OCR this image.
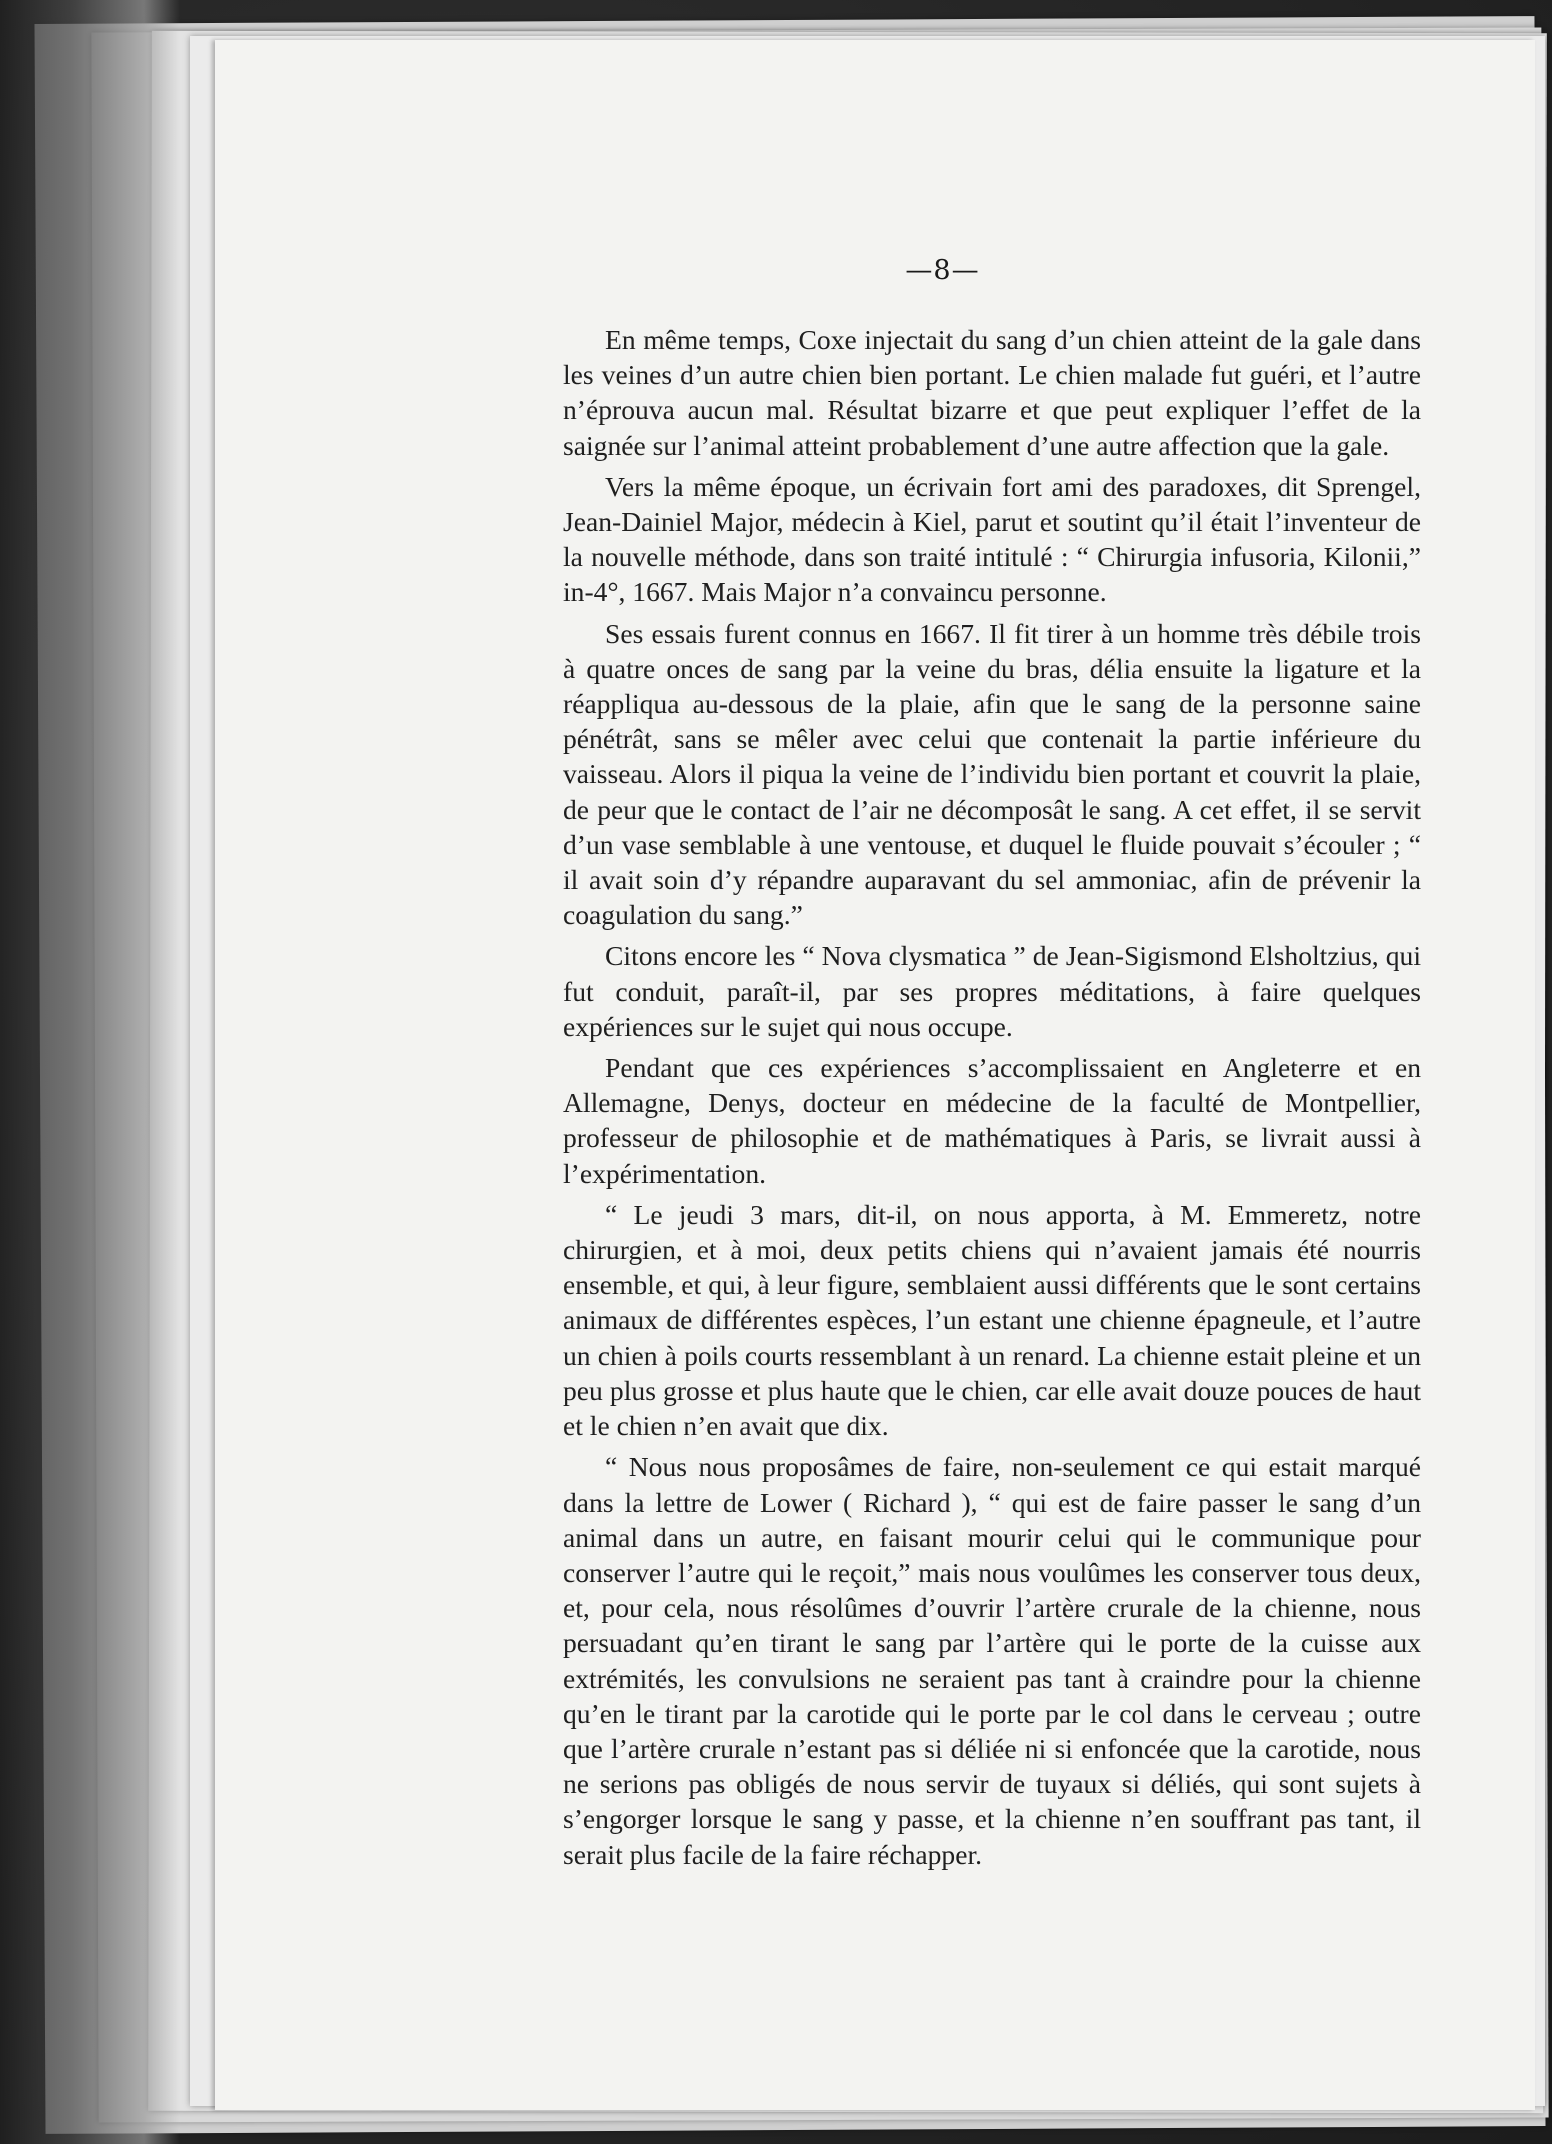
—8—

En même temps, Coxe injectait du sang d’un chien atteint de la gale dans les veines d’un autre chien bien portant. Le chien malade fut guéri, et l’autre n’éprouva aucun mal. Résultat bizarre et que peut expliquer l’effet de la saignée sur l’animal atteint probablement d’une autre affection que la gale.

Vers la même époque, un écrivain fort ami des paradoxes, dit Sprengel, Jean-Dainiel Major, médecin à Kiel, parut et soutint qu’il était l’inventeur de la nouvelle méthode, dans son traité intitulé : “ Chirurgia infusoria, Kilonii,” in-4°, 1667. Mais Major n’a convaincu personne.

Ses essais furent connus en 1667. Il fit tirer à un homme très débile trois à quatre onces de sang par la veine du bras, délia ensuite la ligature et la réappliqua au-dessous de la plaie, afin que le sang de la personne saine pénétrât, sans se mêler avec celui que contenait la partie inférieure du vaisseau. Alors il piqua la veine de l’individu bien portant et couvrit la plaie, de peur que le contact de l’air ne décomposât le sang. A cet effet, il se servit d’un vase semblable à une ventouse, et duquel le fluide pouvait s’écouler ; “ il avait soin d’y répandre auparavant du sel ammoniac, afin de prévenir la coagulation du sang.”

Citons encore les “ Nova clysmatica ” de Jean-Sigismond Elsholtzius, qui fut conduit, paraît-il, par ses propres méditations, à faire quelques expériences sur le sujet qui nous occupe.

Pendant que ces expériences s’accomplissaient en Angleterre et en Allemagne, Denys, docteur en médecine de la faculté de Montpellier, professeur de philosophie et de mathématiques à Paris, se livrait aussi à l’expérimentation.

“ Le jeudi 3 mars, dit-il, on nous apporta, à M. Emmeretz, notre chirurgien, et à moi, deux petits chiens qui n’avaient jamais été nourris ensemble, et qui, à leur figure, semblaient aussi différents que le sont certains animaux de différentes espèces, l’un estant une chienne épagneule, et l’autre un chien à poils courts ressemblant à un renard. La chienne estait pleine et un peu plus grosse et plus haute que le chien, car elle avait douze pouces de haut et le chien n’en avait que dix.

“ Nous nous proposâmes de faire, non-seulement ce qui estait marqué dans la lettre de Lower ( Richard ), “ qui est de faire passer le sang d’un animal dans un autre, en faisant mourir celui qui le communique pour conserver l’autre qui le reçoit,” mais nous voulûmes les conserver tous deux, et, pour cela, nous résolûmes d’ouvrir l’artère crurale de la chienne, nous persuadant qu’en tirant le sang par l’artère qui le porte de la cuisse aux extrémités, les convulsions ne seraient pas tant à craindre pour la chienne qu’en le tirant par la carotide qui le porte par le col dans le cerveau ; outre que l’artère crurale n’estant pas si déliée ni si enfoncée que la carotide, nous ne serions pas obligés de nous servir de tuyaux si déliés, qui sont sujets à s’engorger lorsque le sang y passe, et la chienne n’en souffrant pas tant, il serait plus facile de la faire réchapper.
